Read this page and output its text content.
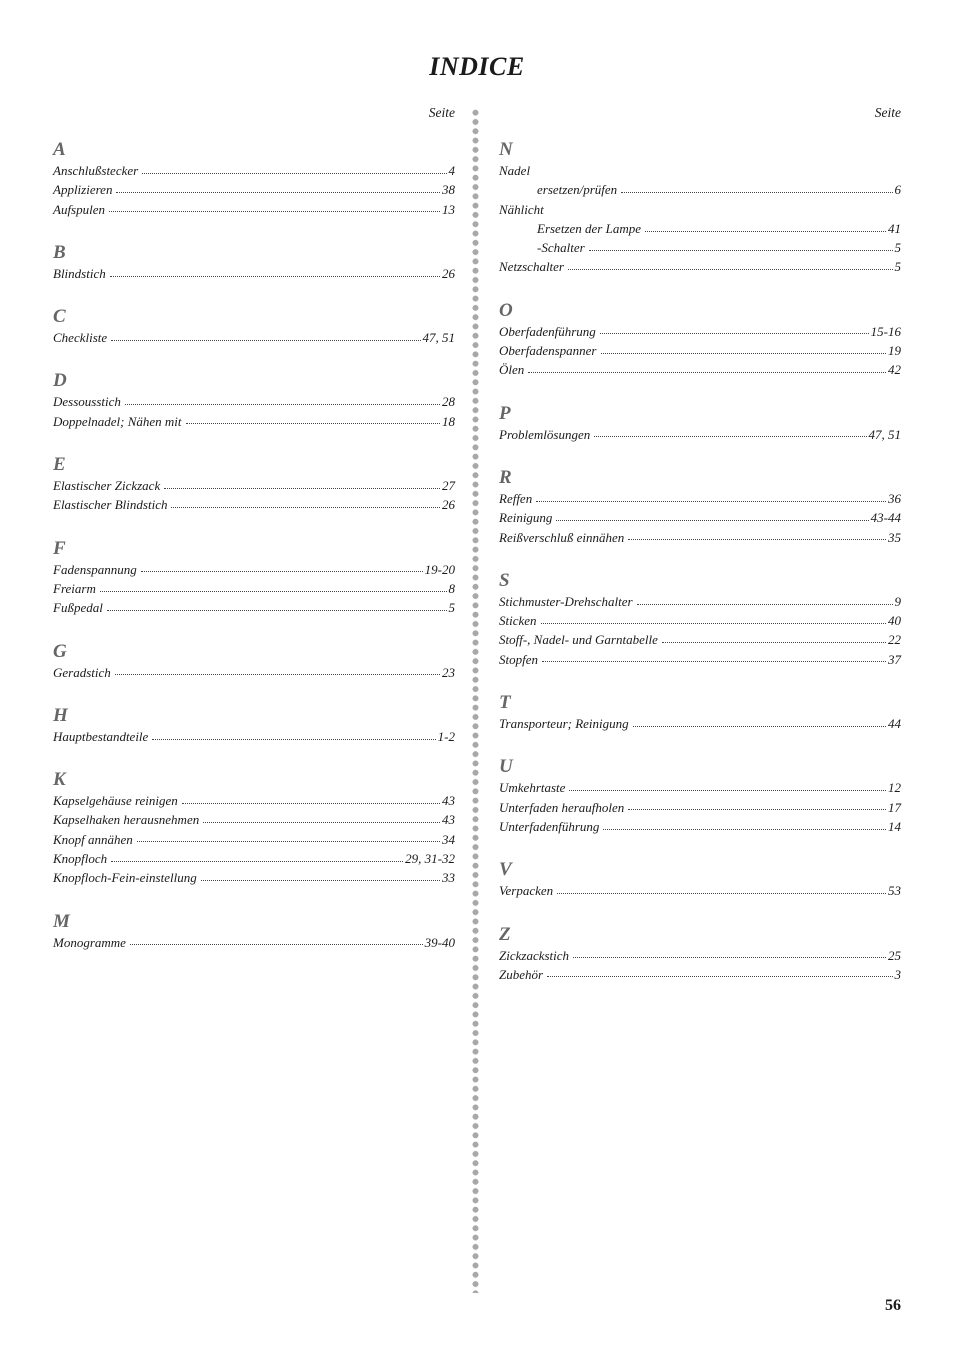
INDICE
Seite
A
Anschlußstecker	4
Applizieren	38
Aufspulen	13
B
Blindstich	26
C
Checkliste	47, 51
D
Dessousstich	28
Doppelnadel; Nähen mit	18
E
Elastischer Zickzack	27
Elastischer Blindstich	26
F
Fadenspannung	19-20
Freiarm	8
Fußpedal	5
G
Geradstich	23
H
Hauptbestandteile	1-2
K
Kapselgehäuse reinigen	43
Kapselhaken herausnehmen	43
Knopf annähen	34
Knopfloch	29, 31-32
Knopfloch-Fein-einstellung	33
M
Monogramme	39-40
Seite
N
Nadel
ersetzen/prüfen	6
Nählicht
Ersetzen der Lampe	41
-Schalter	5
Netzschalter	5
O
Oberfadenführung	15-16
Oberfadenspanner	19
Ölen	42
P
Problemlösungen	47, 51
R
Reffen	36
Reinigung	43-44
Reißverschluß einnähen	35
S
Stichmuster-Drehschalter	9
Sticken	40
Stoff-, Nadel- und Garntabelle	22
Stopfen	37
T
Transporteur; Reinigung	44
U
Umkehrtaste	12
Unterfaden heraufholen	17
Unterfadenführung	14
V
Verpacken	53
Z
Zickzackstich	25
Zubehör	3
56
